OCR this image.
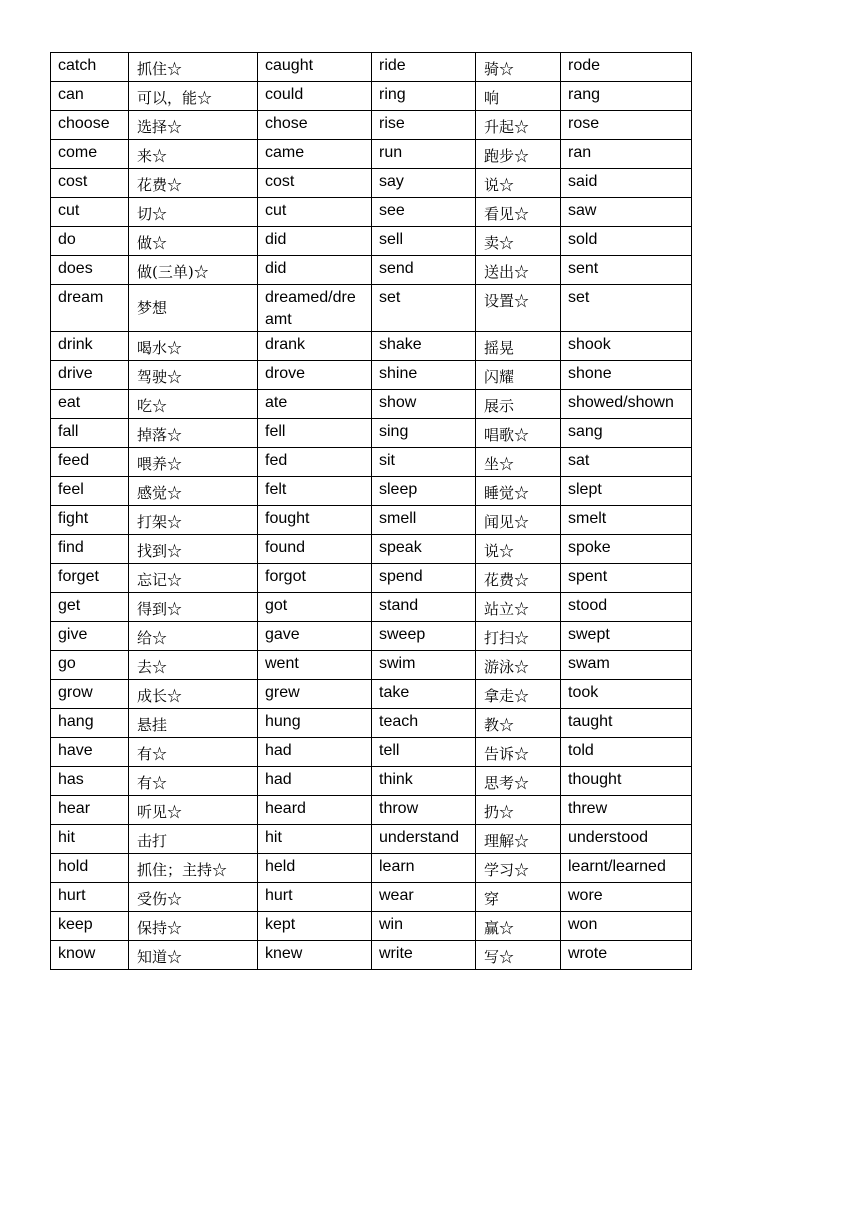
catch	抓住☆	caught	ride	骑☆	rode
can	可以，能☆	could	ring	响	rang
choose	选择☆	chose	rise	升起☆	rose
come	来☆	came	run	跑步☆	ran
cost	花费☆	cost	say	说☆	said
cut	切☆	cut	see	看见☆	saw
do	做☆	did	sell	卖☆	sold
does	做(三单)☆	did	send	送出☆	sent
dream	梦想	dreamed/dreamt	set	设置☆	set
drink	喝水☆	drank	shake	摇晃	shook
drive	驾驶☆	drove	shine	闪耀	shone
eat	吃☆	ate	show	展示	showed/shown
fall	掉落☆	fell	sing	唱歌☆	sang
feed	喂养☆	fed	sit	坐☆	sat
feel	感觉☆	felt	sleep	睡觉☆	slept
fight	打架☆	fought	smell	闻见☆	smelt
find	找到☆	found	speak	说☆	spoke
forget	忘记☆	forgot	spend	花费☆	spent
get	得到☆	got	stand	站立☆	stood
give	给☆	gave	sweep	打扫☆	swept
go	去☆	went	swim	游泳☆	swam
grow	成长☆	grew	take	拿走☆	took
hang	悬挂	hung	teach	教☆	taught
have	有☆	had	tell	告诉☆	told
has	有☆	had	think	思考☆	thought
hear	听见☆	heard	throw	扔☆	threw
hit	击打	hit	understand	理解☆	understood
hold	抓住；主持☆	held	learn	学习☆	learnt/learned
hurt	受伤☆	hurt	wear	穿	wore
keep	保持☆	kept	win	赢☆	won
know	知道☆	knew	write	写☆	wrote
